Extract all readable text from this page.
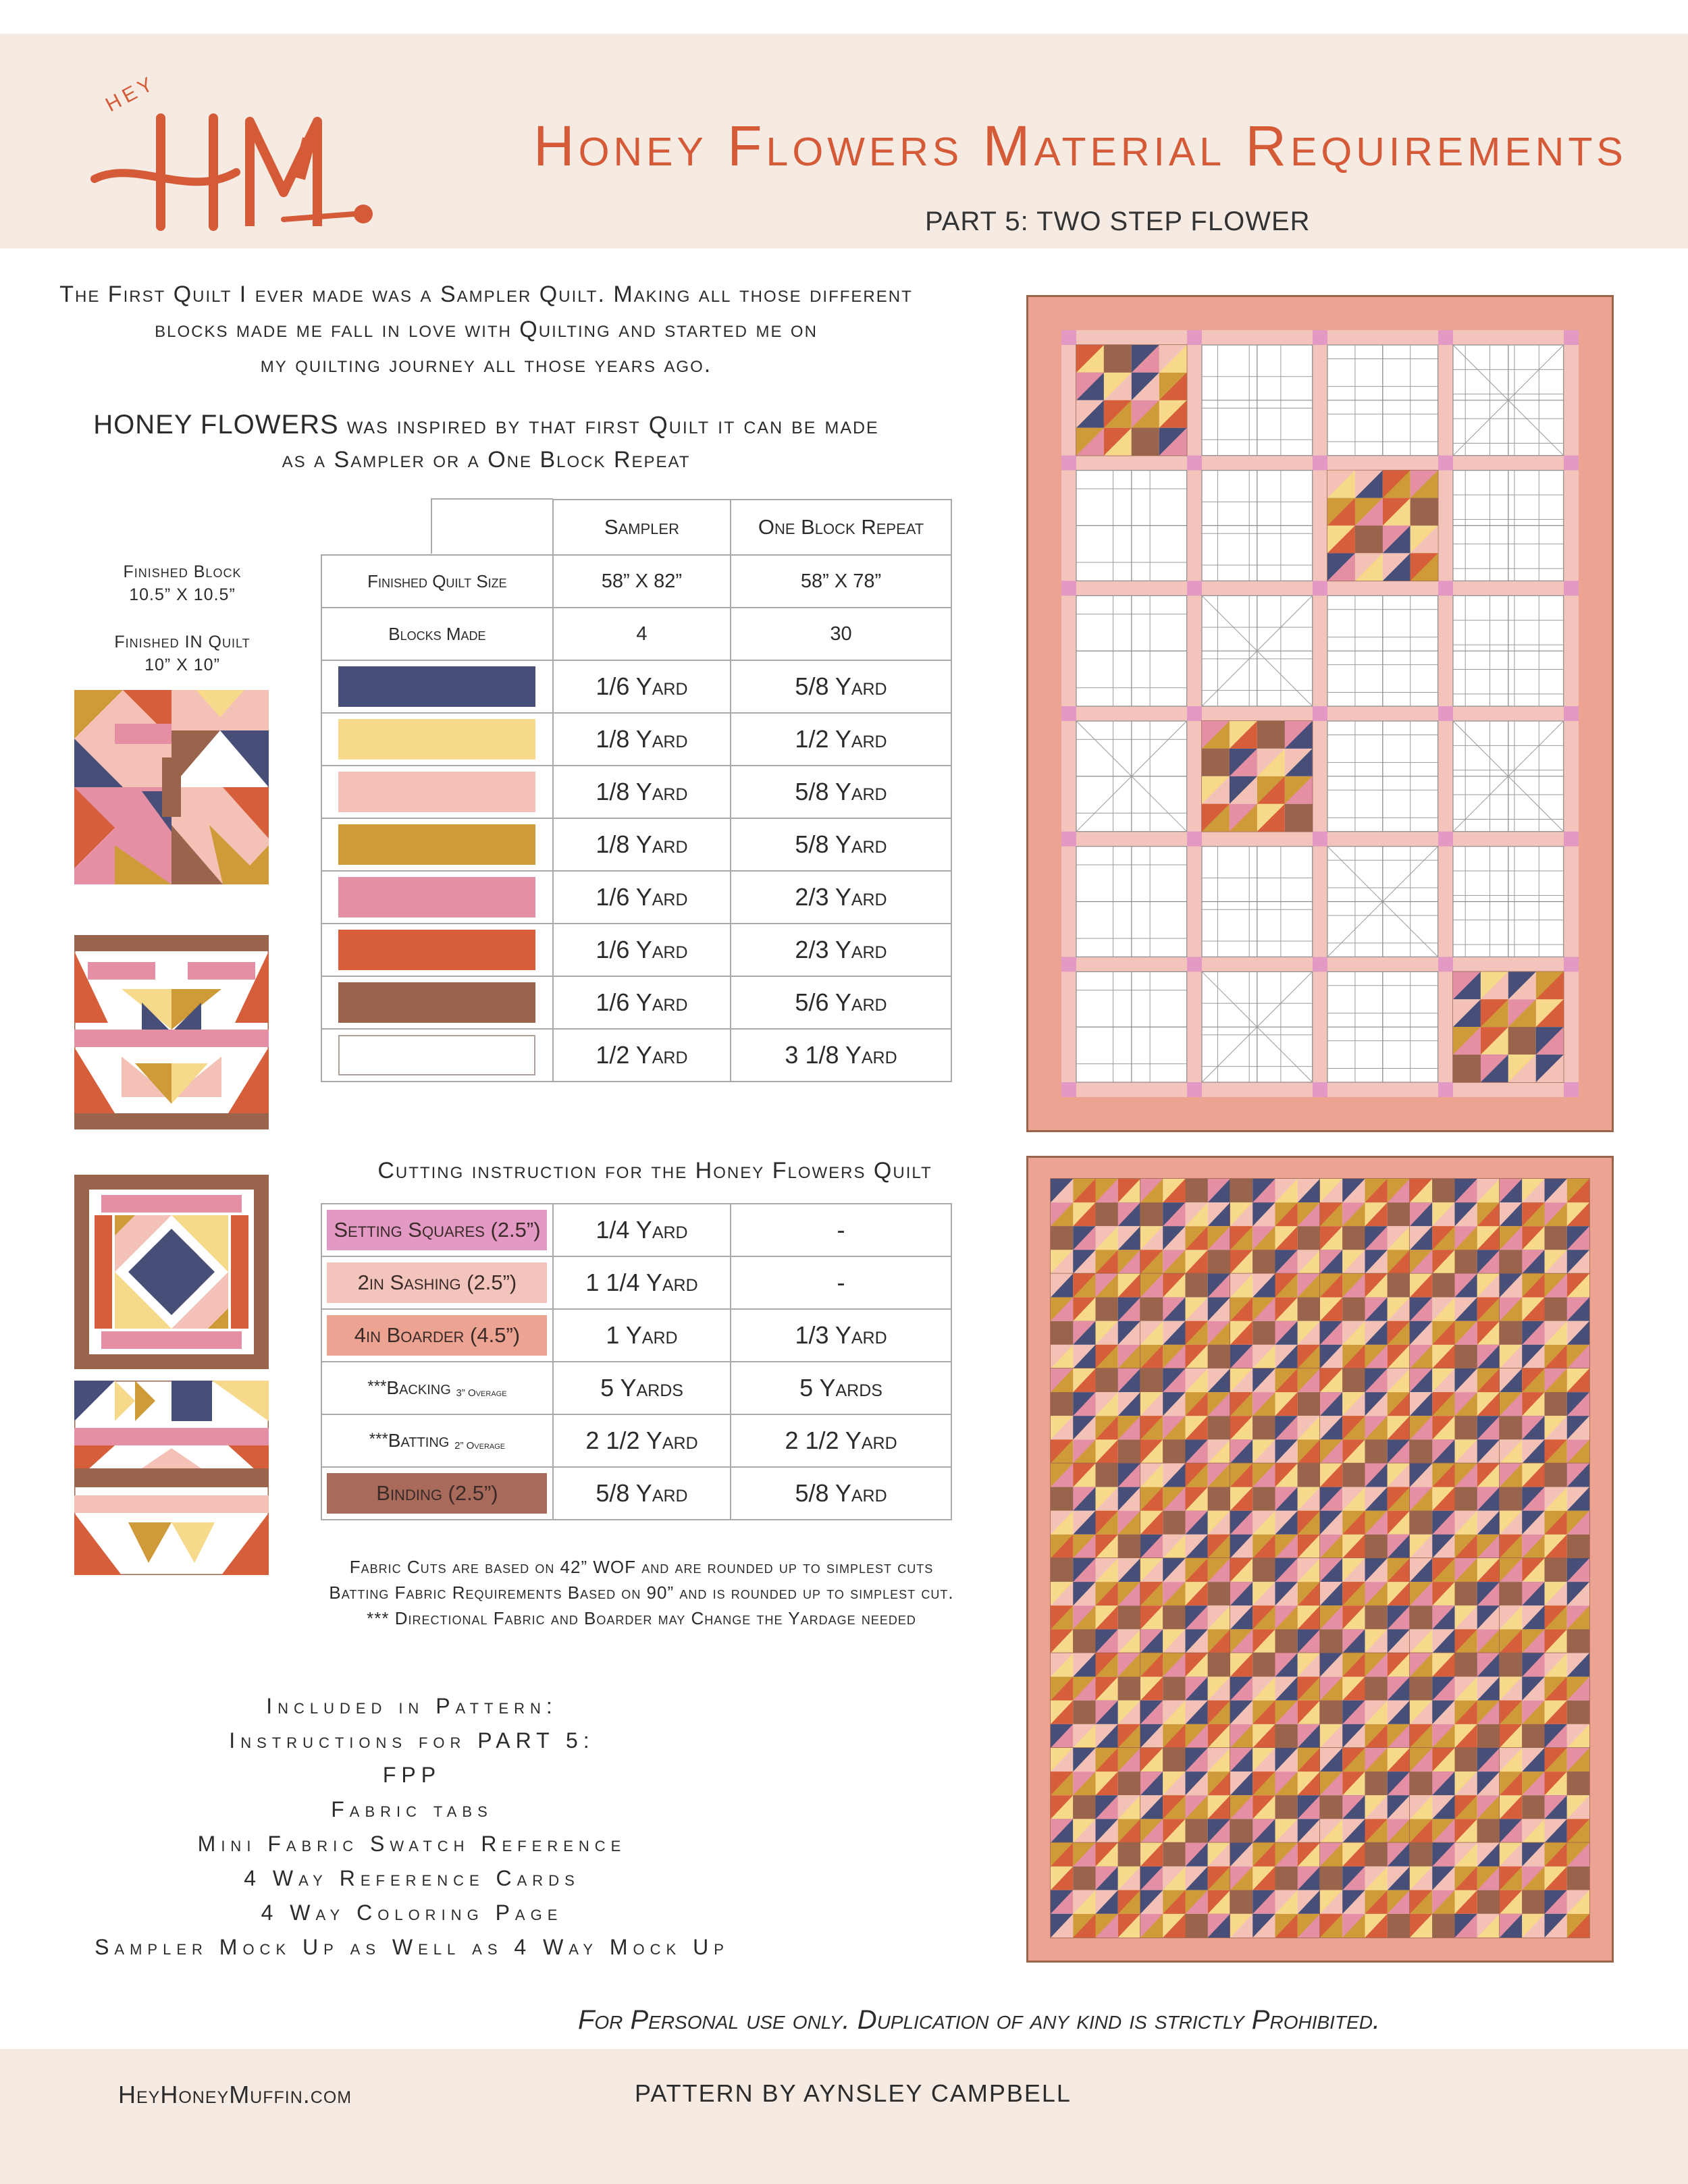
HEY
Honey Flowers Material Requirements
PART 5: TWO STEP FLOWER
The First Quilt I ever made was a Sampler Quilt. Making all those different
blocks made me fall in love with Quilting and started me on
my quilting journey all those years ago.
HONEY FLOWERS was inspired by that first Quilt it can be made
as a Sampler or a One Block Repeat
Finished Block
10.5” X 10.5”
Finished IN Quilt
10” X 10”
	Sampler	One Block Repeat
Finished Quilt Size	58” X 82”	58” X 78”
Blocks Made	4	30
	1/6 Yard	5/8 Yard
	1/8 Yard	1/2 Yard
	1/8 Yard	5/8 Yard
	1/8 Yard	5/8 Yard
	1/6 Yard	2/3 Yard
	1/6 Yard	2/3 Yard
	1/6 Yard	5/6 Yard
	1/2 Yard	3 1/8 Yard
Cutting instruction for the Honey Flowers Quilt
Setting Squares (2.5”)	1/4 Yard	-
2in Sashing (2.5”)	1 1/4 Yard	-
4in Boarder (4.5”)	1 Yard	1/3 Yard
***Backing 3” Overage	5 Yards	5 Yards
***Batting 2” Overage	2 1/2 Yard	2 1/2 Yard
Binding (2.5”)	5/8 Yard	5/8 Yard
Fabric Cuts are based on 42” WOF and are rounded up to simplest cuts
Batting Fabric Requirements Based on 90” and is rounded up to simplest cut.
*** Directional Fabric and Boarder may Change the Yardage needed
Included in Pattern:
Instructions for PART 5:
FPP
Fabric tabs
Mini Fabric Swatch Reference
4 Way Reference Cards
4 Way Coloring Page
Sampler Mock Up as Well as 4 Way Mock Up
For Personal use only. Duplication of any kind is strictly Prohibited.
HeyHoneyMuffin.com	PATTERN BY AYNSLEY CAMPBELL
